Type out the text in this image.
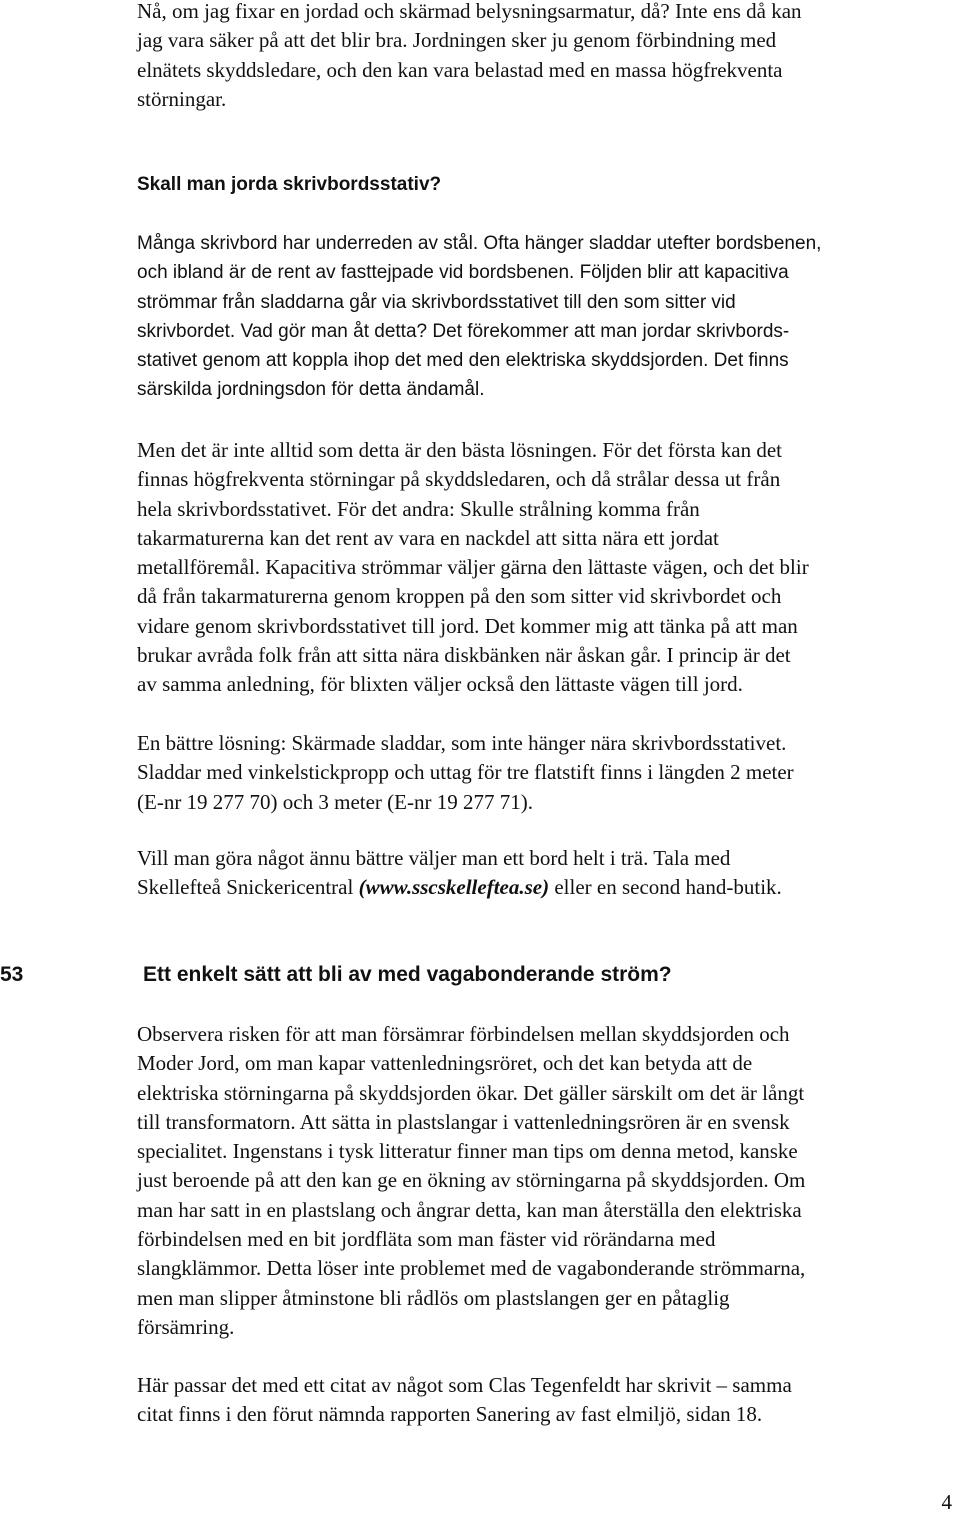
Nå, om jag fixar en jordad och skärmad belysningsarmatur, då? Inte ens då kan
jag vara säker på att det blir bra. Jordningen sker ju genom förbindning med
elnätets skyddsledare, och den kan vara belastad med en massa högfrekventa
störningar.
Skall man jorda skrivbordsstativ?
Många skrivbord har underreden av stål. Ofta hänger sladdar utefter bordsbenen,
och ibland är de rent av fasttejpade vid bordsbenen. Följden blir att kapacitiva
strömmar från sladdarna går via skrivbordsstativet till den som sitter vid
skrivbordet. Vad gör man åt detta? Det förekommer att man jordar skrivbords-
stativet genom att koppla ihop det med den elektriska skyddsjorden. Det finns
särskilda jordningsdon för detta ändamål.
Men det är inte alltid som detta är den bästa lösningen. För det första kan det
finnas högfrekventa störningar på skyddsledaren, och då strålar dessa ut från
hela skrivbordsstativet. För det andra: Skulle strålning komma från
takarmaturerna kan det rent av vara en nackdel att sitta nära ett jordat
metallföremål. Kapacitiva strömmar väljer gärna den lättaste vägen, och det blir
då från takarmaturerna genom kroppen på den som sitter vid skrivbordet och
vidare genom skrivbordsstativet till jord. Det kommer mig att tänka på att man
brukar avråda folk från att sitta nära diskbänken när åskan går. I princip är det
av samma anledning, för blixten väljer också den lättaste vägen till jord.
En bättre lösning: Skärmade sladdar, som inte hänger nära skrivbordsstativet.
Sladdar med vinkelstickpropp och uttag för tre flatstift finns i längden 2 meter
(E-nr 19 277 70) och 3 meter (E-nr 19 277 71).
Vill man göra något ännu bättre väljer man ett bord helt i trä. Tala med
Skellefteå Snickericentral (www.sscskelleftea.se) eller en second hand-butik.
53	Ett enkelt sätt att bli av med vagabonderande ström?
Observera risken för att man försämrar förbindelsen mellan skyddsjorden och
Moder Jord, om man kapar vattenledningsröret, och det kan betyda att de
elektriska störningarna på skyddsjorden ökar. Det gäller särskilt om det är långt
till transformatorn. Att sätta in plastslangar i vattenledningsrören är en svensk
specialitet. Ingenstans i tysk litteratur finner man tips om denna metod, kanske
just beroende på att den kan ge en ökning av störningarna på skyddsjorden. Om
man har satt in en plastslang och ångrar detta, kan man återställa den elektriska
förbindelsen med en bit jordfläta som man fäster vid rörändarna med
slangklämmor. Detta löser inte problemet med de vagabonderande strömmarna,
men man slipper åtminstone bli rådlös om plastslangen ger en påtaglig
försämring.
Här passar det med ett citat av något som Clas Tegenfeldt har skrivit – samma
citat finns i den förut nämnda rapporten Sanering av fast elmiljö, sidan 18.
4
